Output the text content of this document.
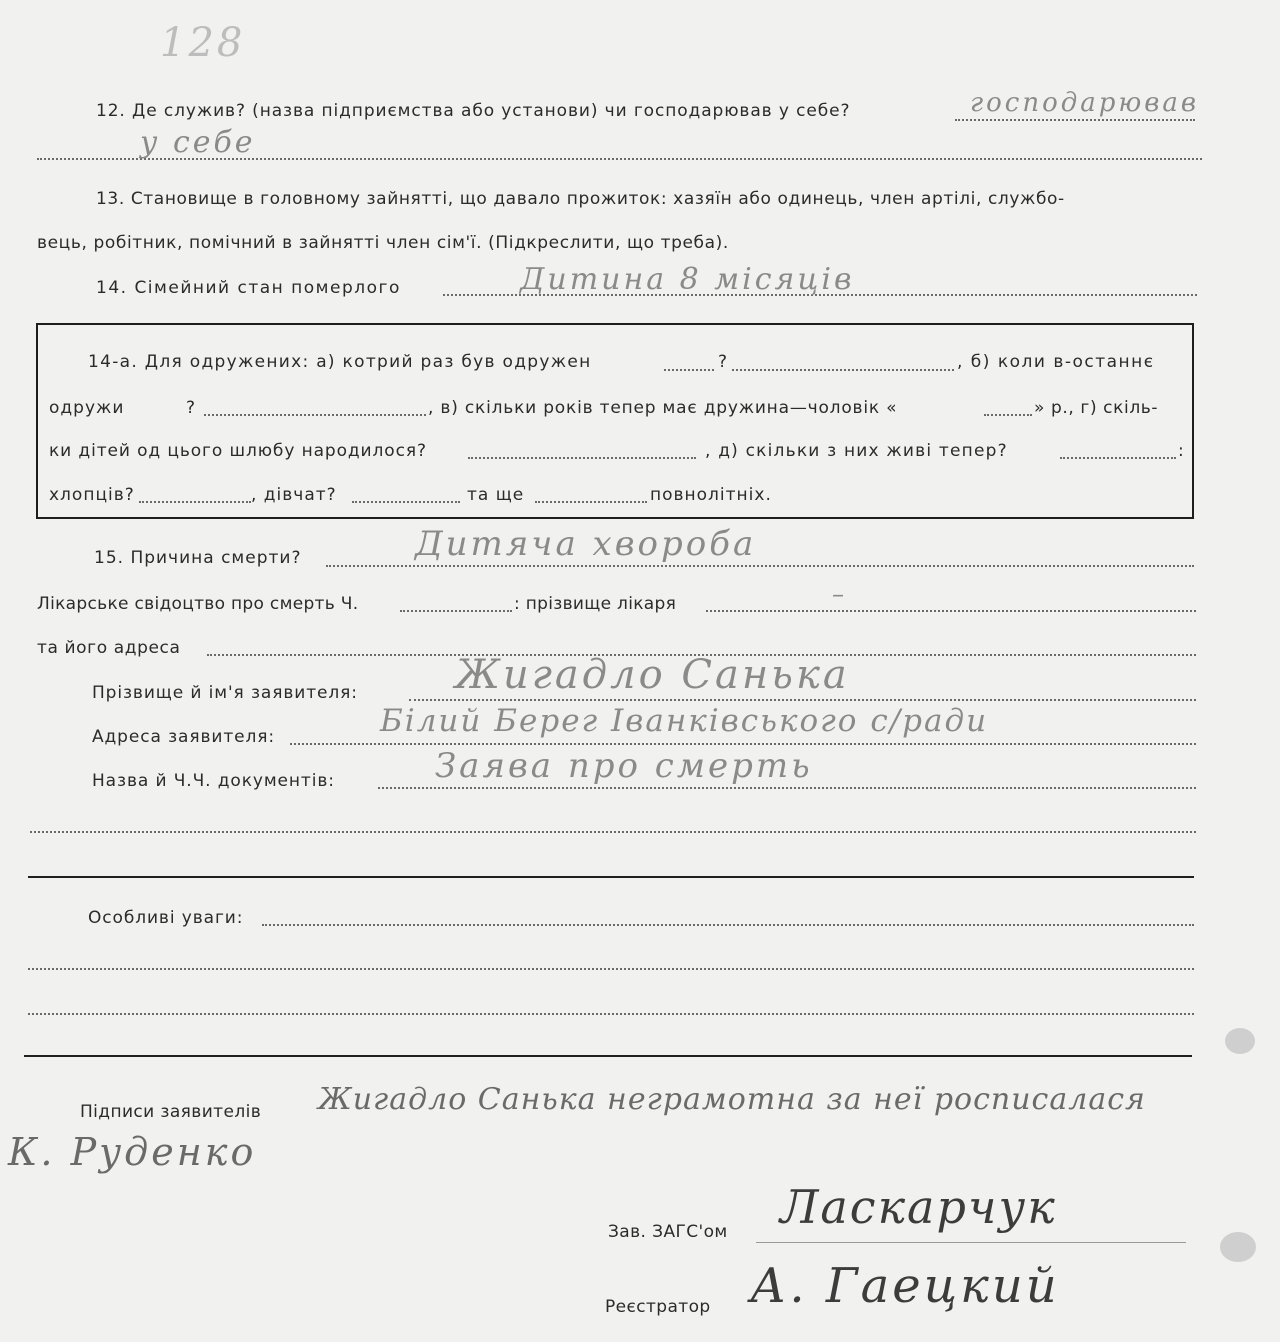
128
12. Де служив? (назва підприємства або установи) чи господарював у себе?	господарював
у себе
13. Становище в головному зайнятті, що давало прожиток: хазяїн або одинець, член артілі, службо-
вець, робітник, помічний в зайнятті член сім'ї. (Підкреслити, що треба).
14. Сімейний стан померлого	Дитина 8 місяців
14-а. Для одружених: а) котрий раз був одружен	?	, б) коли в-останнє
одружи	?	, в) скільки років тепер має дружина—чоловік «	» р., г) скіль-
ки дітей од цього шлюбу народилося?	, д) скільки з них живі тепер?	:
хлопців?	, дівчат?	та ще	повнолітніх.
15. Причина смерти?	Дитяча хвороба
Лікарське свідоцтво про смерть Ч.	: прізвище лікаря	–
та його адреса
Прізвище й ім'я заявителя: Жигадло Санька
Адреса заявителя:	Білий Берег Іванківського с/ради
Назва й Ч.Ч. документів:	Заява про смерть
Особливі уваги:
Підписи заявителів Жигадло Санька неграмотна за неї росписалася
К. Руденко
Зав. ЗАГС'ом Ласкарчук
Реєстратор А. Гаецкий
